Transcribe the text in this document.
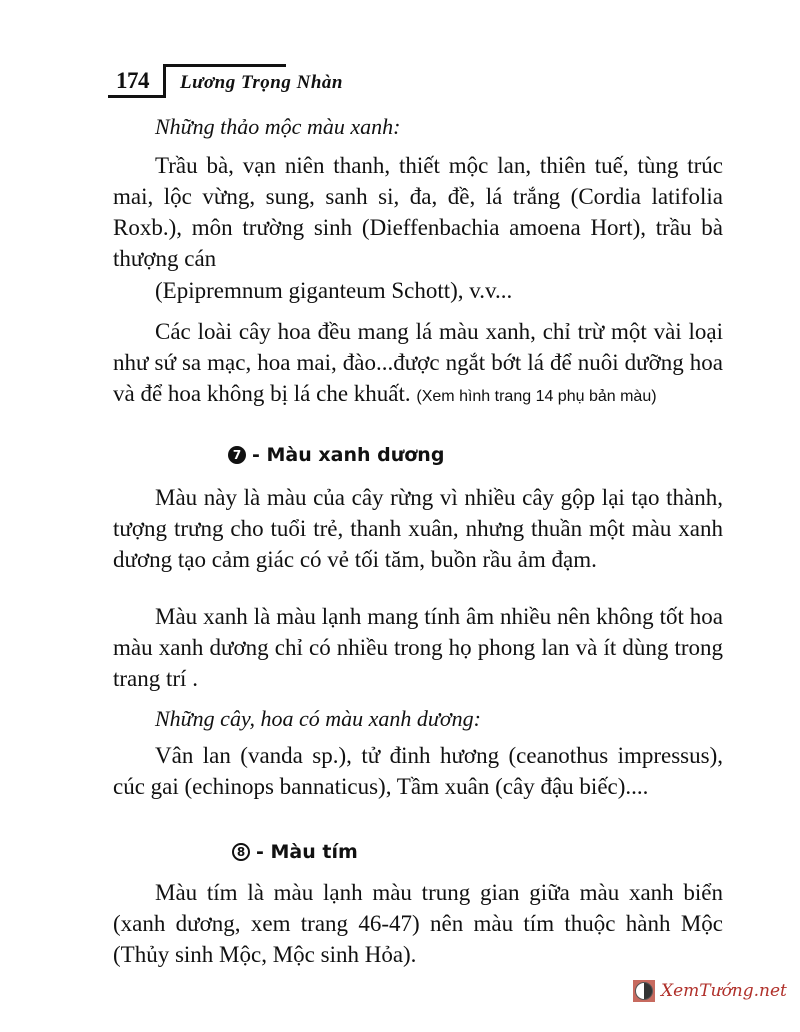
174 Lương Trọng Nhàn
Những thảo mộc màu xanh:
Trầu bà, vạn niên thanh, thiết mộc lan, thiên tuế, tùng trúc mai, lộc vừng, sung, sanh si, đa, đề, lá trắng (Cordia latifolia Roxb.), môn trường sinh (Dieffenbachia amoena Hort), trầu bà thượng cán
(Epipremnum giganteum Schott), v.v...
Các loài cây hoa đều mang lá màu xanh, chỉ trừ một vài loại như sứ sa mạc, hoa mai, đào...được ngắt bớt lá để nuôi dưỡng hoa và để hoa không bị lá che khuất. (Xem hình trang 14 phụ bản màu)
7 - Màu xanh dương
Màu này là màu của cây rừng vì nhiều cây gộp lại tạo thành, tượng trưng cho tuổi trẻ, thanh xuân, nhưng thuần một màu xanh dương tạo cảm giác có vẻ tối tăm, buồn rầu ảm đạm.
Màu xanh là màu lạnh mang tính âm nhiều nên không tốt hoa màu xanh dương chỉ có nhiều trong họ phong lan và ít dùng trong trang trí .
Những cây, hoa có màu xanh dương:
Vân lan (vanda sp.), tử đinh hương (ceanothus impressus), cúc gai (echinops bannaticus), Tầm xuân (cây đậu biếc)....
8 - Màu tím
Màu tím là màu lạnh màu trung gian giữa màu xanh biển (xanh dương, xem trang 46-47) nên màu tím thuộc hành Mộc (Thủy sinh Mộc, Mộc sinh Hỏa).
XemTướng.net
